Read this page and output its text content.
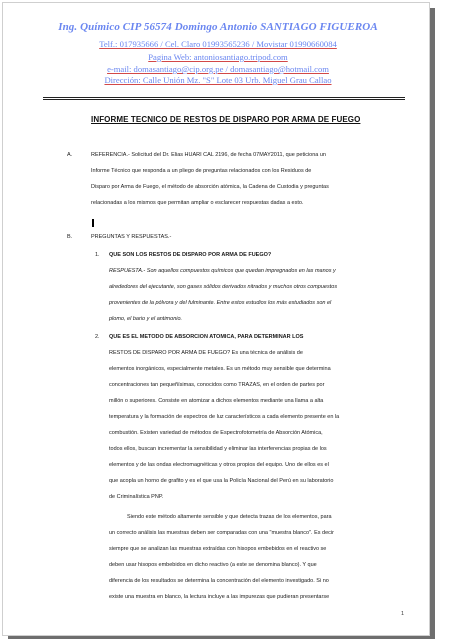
Ing. Químico CIP 56574 Domingo Antonio SANTIAGO FIGUEROA
Telf.: 017935666 / Cel. Claro 01993565236 / Movistar 01990660084
Pagina Web: antoniosantiago.tripod.com
e-mail: domasantiago@cip.org.pe / domasantiago@hotmail.com
Dirección: Calle Unión Mz. "S" Lote 03 Urb. Miguel Grau Callao
INFORME TECNICO DE RESTOS DE DISPARO POR ARMA DE FUEGO
A.	REFERENCIA.- Solicitud del Dr. Elias HUARI CAL 2196, de fecha 07MAY2011, que peticiona un
Informe Técnico que responda a un pliego de preguntas relacionados con los Residuos de
Disparo por Arma de Fuego, el método de absorción atómica, la Cadena de Custodia y preguntas
relacionadas a los mismos que permitan ampliar o esclarecer respuestas dadas a esto.
B.	PREGUNTAS Y RESPUESTAS.-
1. QUE SON LOS RESTOS DE DISPARO POR ARMA DE FUEGO?
RESPUESTA.- Son aquellos compuestos químicos que quedan impregnados en las manos y
alrededores del ejecutante, son gases sólidos derivados nitrados y muchos otros compuestos
provenientes de la pólvora y del fulminante. Entre estos estudios los más estudiados son el
plomo, el bario y el antimonio.
2. QUE ES EL METODO DE ABSORCION ATOMICA, PARA DETERMINAR LOS
RESTOS DE DISPARO POR ARMA DE FUEGO? Es una técnica de análisis de
elementos inorgánicos, especialmente metales. Es un método muy sensible que determina
concentraciones tan pequeñísimas, conocidos como TRAZAS, en el orden de partes por
millón o superiores. Consiste en atomizar a dichos elementos mediante una llama a alta
temperatura y la formación de espectros de luz característicos a cada elemento presente en la
combustión. Existen variedad de métodos de Espectrofotometría de Absorción Atómica,
todos ellos, buscan incrementar la sensibilidad y eliminar las interferencias propias de los
elementos y de las ondas electromagnéticas y otros propios del equipo. Uno de ellos es el
que acopla un horno de grafito y es el que usa la Policía Nacional del Perú en su laboratorio
de Criminalística PNP.
Siendo este método altamente sensible y que detecta trazas de los elementos, para
un correcto análisis las muestras deben ser comparadas con una "muestra blanco". Es decir
siempre que se analizan las muestras extraídas con hisopos embebidos en el reactivo se
deben usar hisopos embebidos en dicho reactivo (a este se denomina blanco). Y que
diferencia de los resultados se determina la concentración del elemento investigado. Si no
existe una muestra en blanco, la lectura incluye a las impurezas que pudieran presentarse
1
